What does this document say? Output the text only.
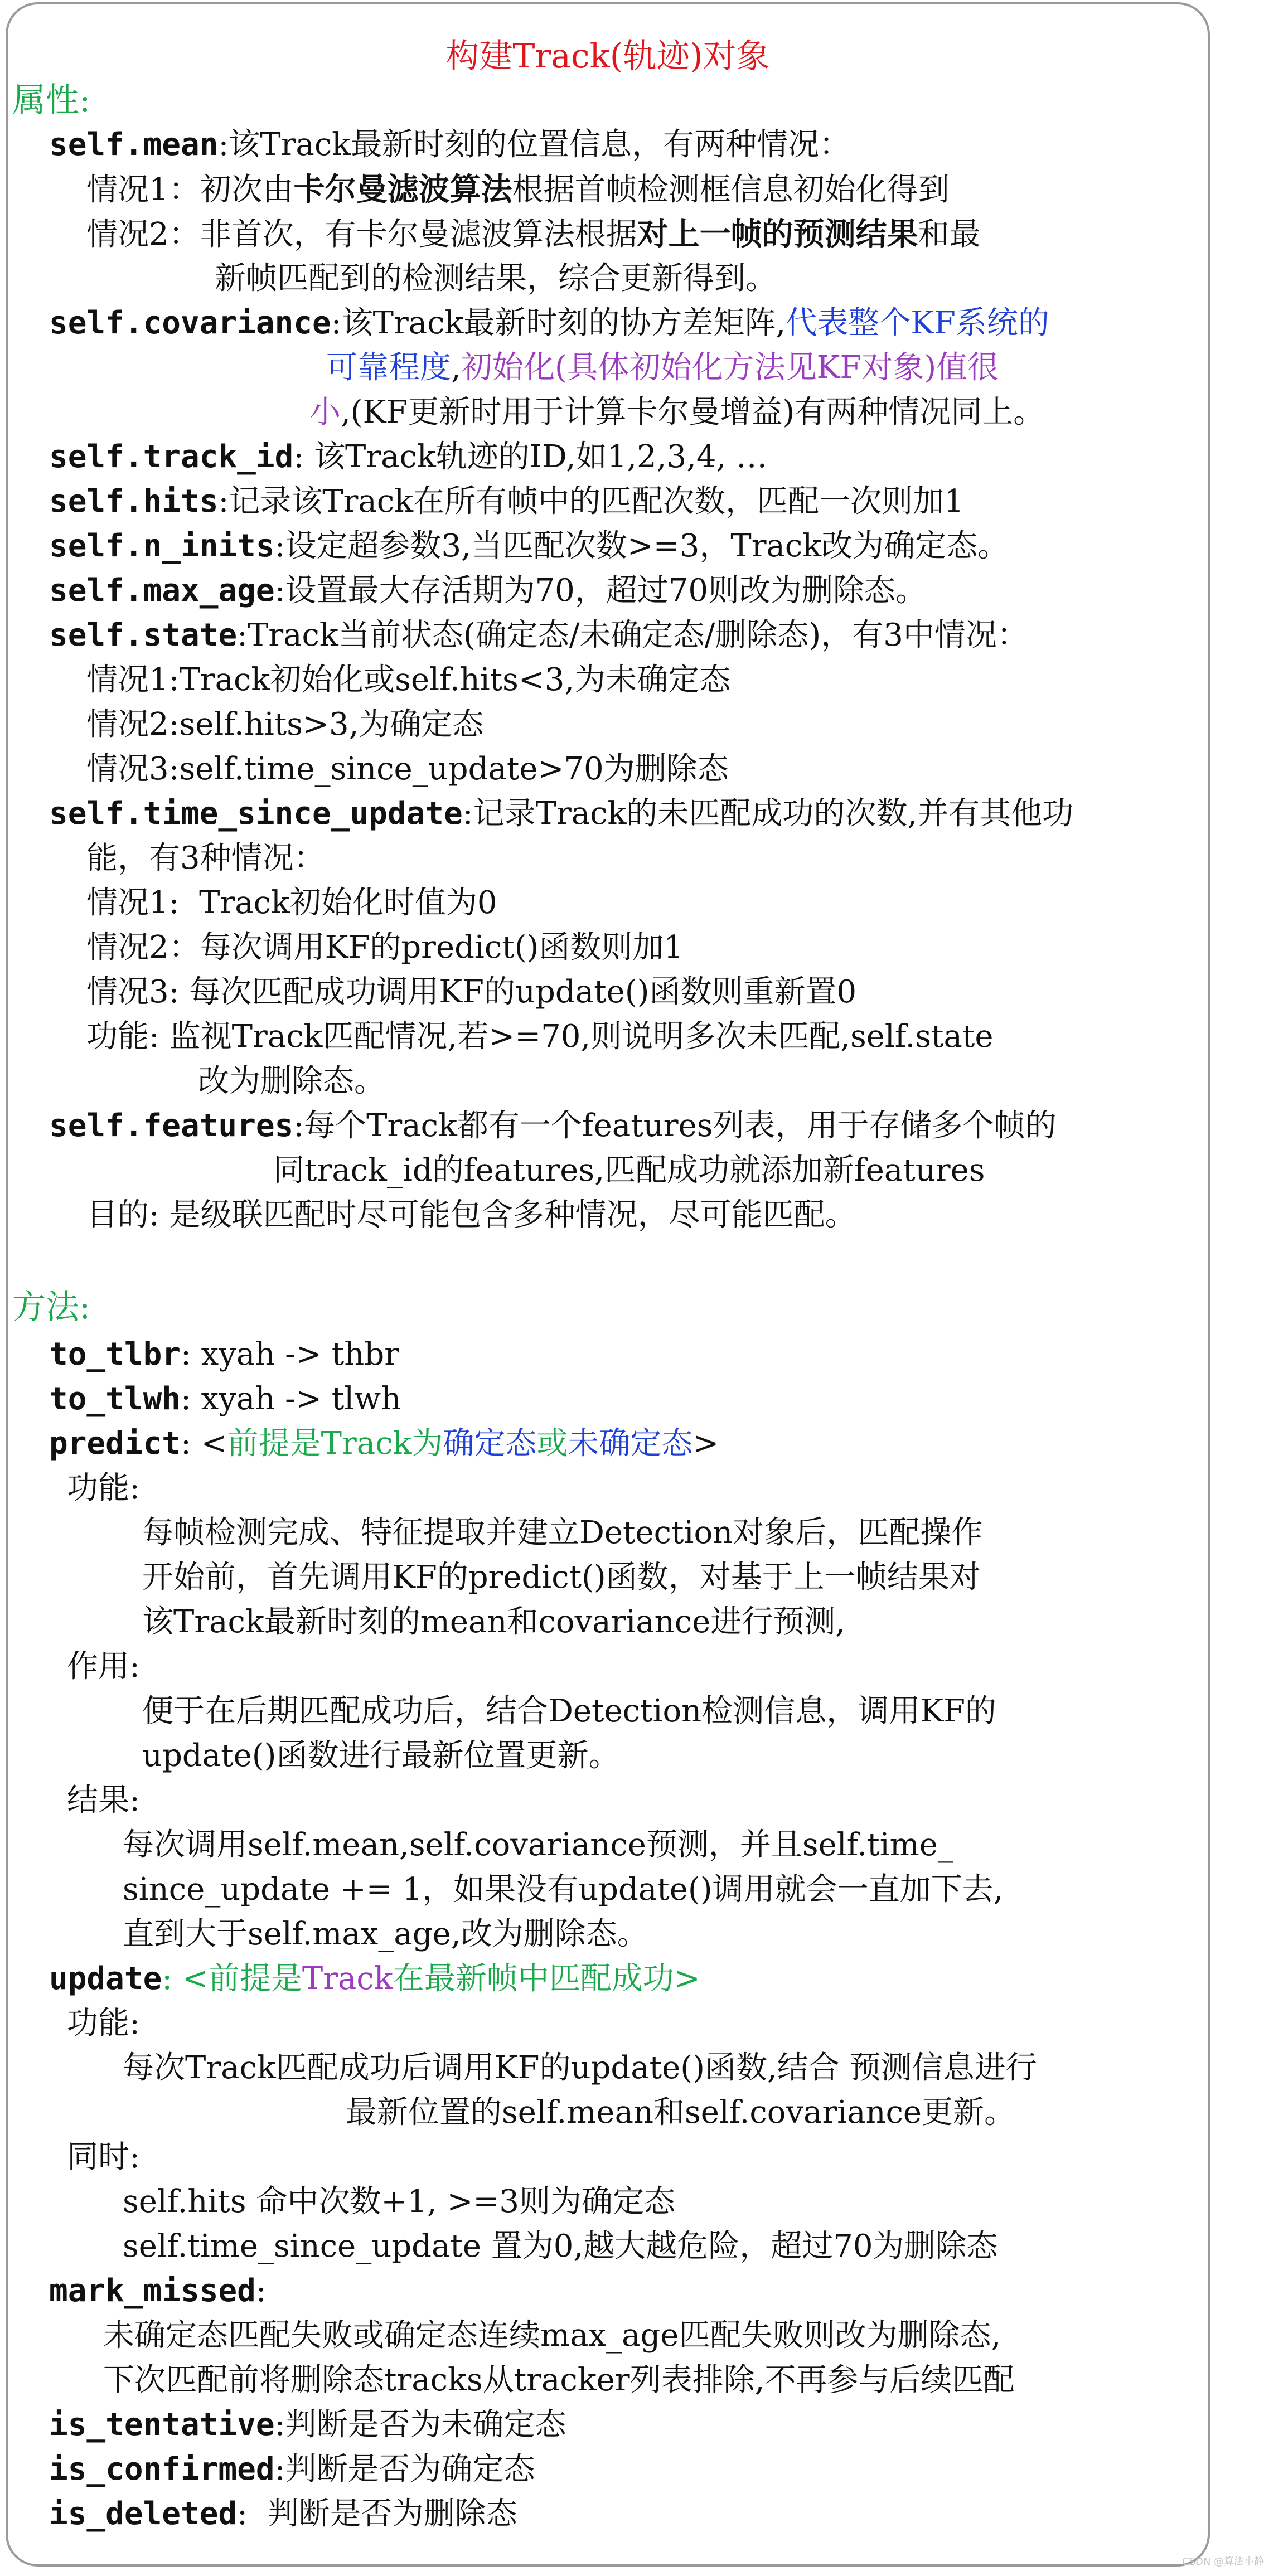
构建Track(轨迹)对象
属性:
self.mean:该Track最新时刻的位置信息，有两种情况：
情况1：初次由卡尔曼滤波算法根据首帧检测框信息初始化得到
情况2：非首次，有卡尔曼滤波算法根据对上一帧的预测结果和最
新帧匹配到的检测结果，综合更新得到。
self.covariance:该Track最新时刻的协方差矩阵,代表整个KF系统的
可靠程度,初始化(具体初始化方法见KF对象)值很
小,(KF更新时用于计算卡尔曼增益)有两种情况同上。
self.track_id: 该Track轨迹的ID,如1,2,3,4, …
self.hits:记录该Track在所有帧中的匹配次数，匹配一次则加1
self.n_inits:设定超参数3,当匹配次数>=3，Track改为确定态。
self.max_age:设置最大存活期为70，超过70则改为删除态。
self.state:Track当前状态(确定态/未确定态/删除态)，有3中情况：
情况1:Track初始化或self.hits<3,为未确定态
情况2:self.hits>3,为确定态
情况3:self.time_since_update>70为删除态
self.time_since_update:记录Track的未匹配成功的次数,并有其他功
能，有3种情况：
情况1:  Track初始化时值为0
情况2：每次调用KF的predict()函数则加1
情况3: 每次匹配成功调用KF的update()函数则重新置0
功能: 监视Track匹配情况,若>=70,则说明多次未匹配,self.state
改为删除态。
self.features:每个Track都有一个features列表，用于存储多个帧的
同track_id的features,匹配成功就添加新features
目的: 是级联匹配时尽可能包含多种情况，尽可能匹配。
方法:
to_tlbr: xyah -> thbr
to_tlwh: xyah -> tlwh
predict: <前提是Track为确定态或未确定态>
功能:
每帧检测完成、特征提取并建立Detection对象后，匹配操作
开始前，首先调用KF的predict()函数，对基于上一帧结果对
该Track最新时刻的mean和covariance进行预测,
作用:
便于在后期匹配成功后，结合Detection检测信息，调用KF的
update()函数进行最新位置更新。
结果:
每次调用self.mean,self.covariance预测，并且self.time_
since_update += 1，如果没有update()调用就会一直加下去,
直到大于self.max_age,改为删除态。
update: <前提是Track在最新帧中匹配成功>
功能:
每次Track匹配成功后调用KF的update()函数,结合 预测信息进行
最新位置的self.mean和self.covariance更新。
同时:
self.hits 命中次数+1, >=3则为确定态
self.time_since_update 置为0,越大越危险，超过70为删除态
mark_missed:
未确定态匹配失败或确定态连续max_age匹配失败则改为删除态,
下次匹配前将删除态tracks从tracker列表排除,不再参与后续匹配
is_tentative:判断是否为未确定态
is_confirmed:判断是否为确定态
is_deleted:  判断是否为删除态
CSDN @算法小静
